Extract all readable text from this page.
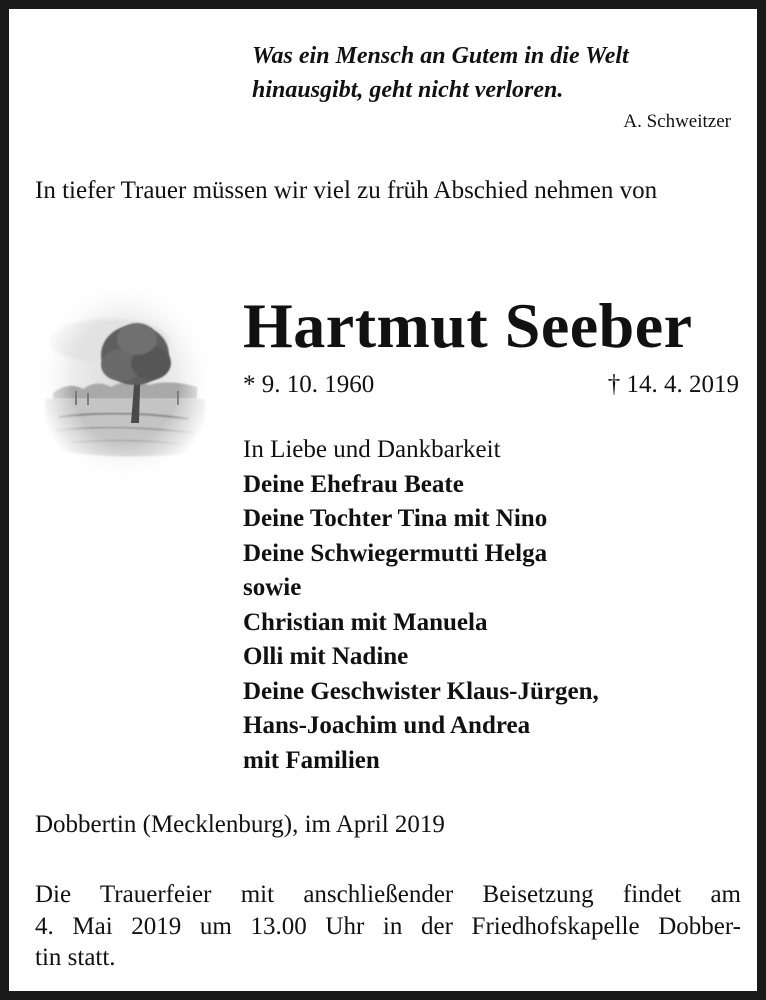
Was ein Mensch an Gutem in die Welt
hinausgibt, geht nicht verloren.
A. Schweitzer
In tiefer Trauer müssen wir viel zu früh Abschied nehmen von
Hartmut Seeber
* 9. 10. 1960	† 14. 4. 2019
In Liebe und Dankbarkeit
Deine Ehefrau Beate
Deine Tochter Tina mit Nino
Deine Schwiegermutti Helga
sowie
Christian mit Manuela
Olli mit Nadine
Deine Geschwister Klaus-Jürgen,
Hans-Joachim und Andrea
mit Familien
Dobbertin (Mecklenburg), im April 2019
Die Trauerfeier mit anschließender Beisetzung findet am
4. Mai 2019 um 13.00 Uhr in der Friedhofskapelle Dobber-
tin statt.
